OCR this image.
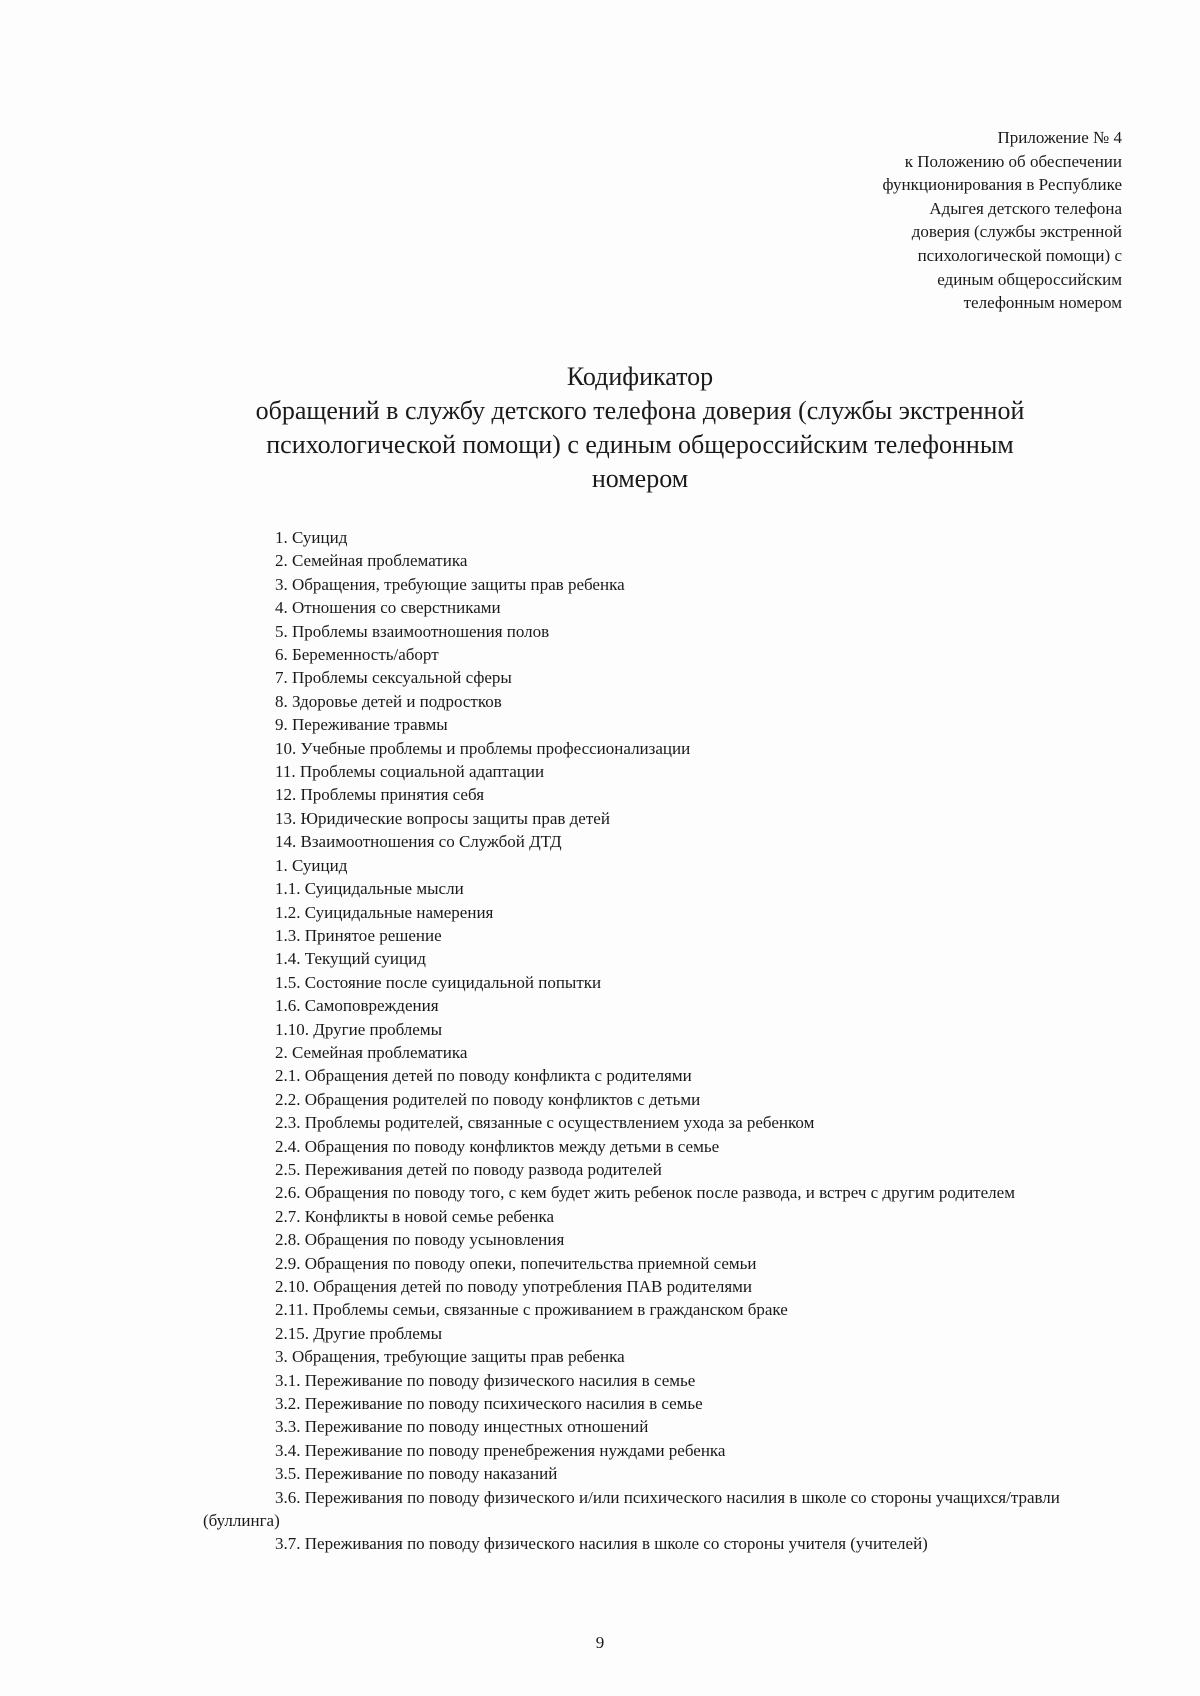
Приложение № 4
к Положению об обеспечении
функционирования в Республике
Адыгея детского телефона
доверия (службы экстренной
психологической помощи) с
единым общероссийским
телефонным номером
Кодификатор
обращений в службу детского телефона доверия (службы экстренной
психологической помощи) с единым общероссийским телефонным
номером
1. Суицид
2. Семейная проблематика
3. Обращения, требующие защиты прав ребенка
4. Отношения со сверстниками
5. Проблемы взаимоотношения полов
6. Беременность/аборт
7. Проблемы сексуальной сферы
8. Здоровье детей и подростков
9. Переживание травмы
10. Учебные проблемы и проблемы профессионализации
11. Проблемы социальной адаптации
12. Проблемы принятия себя
13. Юридические вопросы защиты прав детей
14. Взаимоотношения со Службой ДТД
1. Суицид
1.1. Суицидальные мысли
1.2. Суицидальные намерения
1.3. Принятое решение
1.4. Текущий суицид
1.5. Состояние после суицидальной попытки
1.6. Самоповреждения
1.10. Другие проблемы
2. Семейная проблематика
2.1. Обращения детей по поводу конфликта с родителями
2.2. Обращения родителей по поводу конфликтов с детьми
2.3. Проблемы родителей, связанные с осуществлением ухода за ребенком
2.4. Обращения по поводу конфликтов между детьми в семье
2.5. Переживания детей по поводу развода родителей
2.6. Обращения по поводу того, с кем будет жить ребенок после развода, и встреч с другим родителем
2.7. Конфликты в новой семье ребенка
2.8. Обращения по поводу усыновления
2.9. Обращения по поводу опеки, попечительства приемной семьи
2.10. Обращения детей по поводу употребления ПАВ родителями
2.11. Проблемы семьи, связанные с проживанием в гражданском браке
2.15. Другие проблемы
3. Обращения, требующие защиты прав ребенка
3.1. Переживание по поводу физического насилия в семье
3.2. Переживание по поводу психического насилия в семье
3.3. Переживание по поводу инцестных отношений
3.4. Переживание по поводу пренебрежения нуждами ребенка
3.5. Переживание по поводу наказаний
3.6. Переживания по поводу физического и/или психического насилия в школе со стороны учащихся/травли (буллинга)
3.7. Переживания по поводу физического насилия в школе со стороны учителя (учителей)
9
